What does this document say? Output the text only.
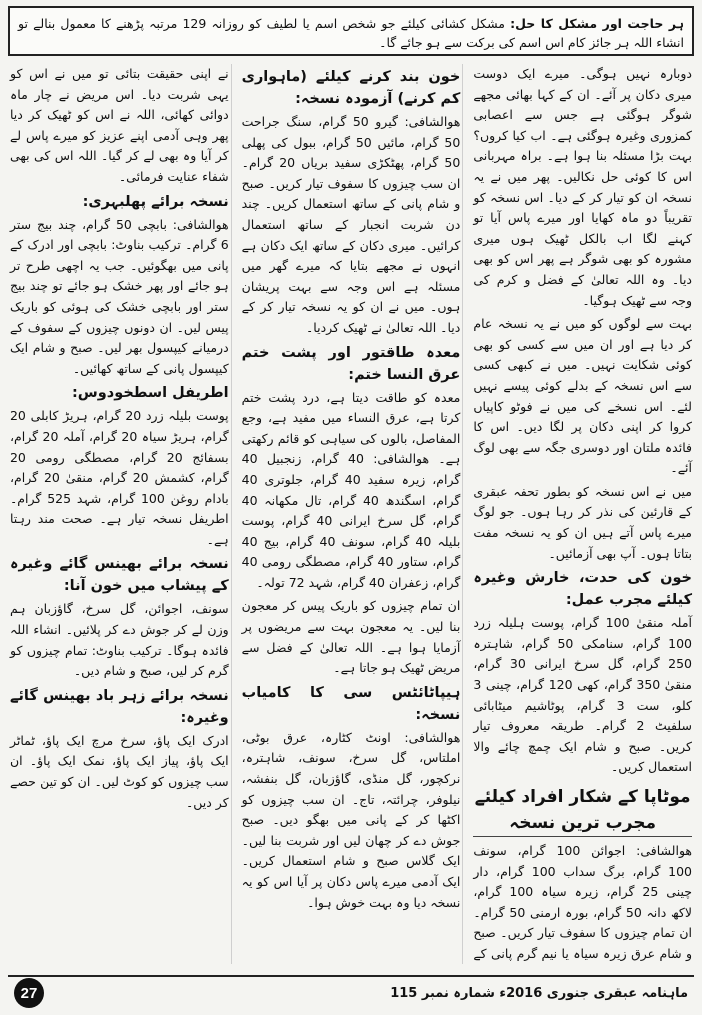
ہر حاجت اور مشکل کا حل: مشکل کشائی کیلئے جو شخص اسم یا لطیف کو روزانہ 129 مرتبہ پڑھنے کا معمول بنالے تو انشاء اللہ ہر جائز کام اس اسم کی برکت سے ہو جائے گا۔

دوبارہ نہیں ہوگی۔ میرے ایک دوست میری دکان پر آئے۔ ان کے کہا بھائی مجھے شوگر ہوگئی ہے جس سے اعصابی کمزوری وغیرہ ہوگئی ہے۔ اب کیا کروں؟ بہت بڑا مسئلہ بنا ہوا ہے۔ براہ مہربانی اس کا کوئی حل نکالیں۔ پھر میں نے یہ نسخہ ان کو تیار کر کے دیا۔ اس نسخہ کو تقریباً دو ماہ کھایا اور میرے پاس آیا تو کہنے لگا اب بالکل ٹھیک ہوں میری مشورہ کو بھی شوگر ہے پھر اس کو بھی دیا۔ وہ اللہ تعالیٰ کے فضل و کرم کی وجہ سے ٹھیک ہوگیا۔

بہت سے لوگوں کو میں نے یہ نسخہ عام کر دیا ہے اور ان میں سے کسی کو بھی کوئی شکایت نہیں۔ میں نے کبھی کسی سے اس نسخہ کے بدلے کوئی پیسے نہیں لئے۔ اس نسخے کی میں نے فوٹو کاپیاں کروا کر اپنی دکان پر لگا دیں۔ اس کا فائدہ ملتان اور دوسری جگہ سے بھی لوگ آئے۔

میں نے اس نسخہ کو بطور تحفہ عبقری کے قارئین کی نذر کر رہا ہوں۔ جو لوگ میرے پاس آتے ہیں ان کو یہ نسخہ مفت بتاتا ہوں۔ آپ بھی آزمائیں۔

خون کی حدت، خارش وغیرہ کیلئے مجرب عمل:

آملہ منقیٰ 100 گرام، پوست ہلیلہ زرد 100 گرام، سنامکی 50 گرام، شاہترہ 250 گرام، گل سرخ ایرانی 30 گرام، منقیٰ 350 گرام، کھی 120 گرام، چینی 3 کلو، ست 3 گرام، پوٹاشیم میٹابائی سلفیٹ 2 گرام۔ طریقہ معروف تیار کریں۔ صبح و شام ایک چمچ چائے والا استعمال کریں۔

موٹاپا کے شکار افراد کیلئے مجرب ترین نسخہ

ھوالشافی: اجوائن 100 گرام، سونف 100 گرام، برگ سداب 100 گرام، دار چینی 25 گرام، زیرہ سیاہ 100 گرام، لاکھ دانہ 50 گرام، بورہ ارمنی 50 گرام۔ ان تمام چیزوں کا سفوف تیار کریں۔ صبح و شام عرق زیرہ سیاہ یا نیم گرم پانی کے

خون بند کرنے کیلئے (ماہواری کم کرنے) آزمودہ نسخہ:

ھوالشافی: گیرو 50 گرام، سنگ جراحت 50 گرام، مائیں 50 گرام، ببول کی پھلی 50 گرام، پھٹکڑی سفید بریاں 20 گرام۔ ان سب چیزوں کا سفوف تیار کریں۔ صبح و شام پانی کے ساتھ استعمال کریں۔ چند دن شربت انجبار کے ساتھ استعمال کرائیں۔ میری دکان کے ساتھ ایک دکان ہے انہوں نے مجھے بتایا کہ میرے گھر میں مسئلہ ہے اس وجہ سے بہت پریشان ہوں۔ میں نے ان کو یہ نسخہ تیار کر کے دیا۔ اللہ تعالیٰ نے ٹھیک کردیا۔

معدہ طاقتور اور پشت ختم عرق النسا ختم:

معدہ کو طاقت دیتا ہے، درد پشت ختم کرتا ہے، عرق النساء میں مفید ہے، وجع المفاصل، بالوں کی سیاہی کو قائم رکھتی ہے۔ ھوالشافی: 40 گرام، زنجبیل 40 گرام، زیرہ سفید 40 گرام، جلوتری 40 گرام، اسگندھ 40 گرام، تال مکھانہ 40 گرام، گل سرخ ایرانی 40 گرام، پوست بلیلہ 40 گرام، سونف 40 گرام، بیج 40 گرام، ستاور 40 گرام، مصطگی رومی 40 گرام، زعفران 40 گرام، شہد 72 تولہ۔

ان تمام چیزوں کو باریک پیس کر معجون بنا لیں۔ یہ معجون بہت سے مریضوں پر آزمایا ہوا ہے۔ اللہ تعالیٰ کے فضل سے مریض ٹھیک ہو جاتا ہے۔

ہیپاٹائٹس سی کا کامیاب نسخہ:

ھوالشافی: اونٹ کٹارہ، عرق بوٹی، املتاس، گل سرخ، سونف، شاہترہ، نرکچور، گل منڈی، گاؤزبان، گل بنفشہ، نیلوفر، چرائتہ، تاج۔ ان سب چیزوں کو اکٹھا کر کے پانی میں بھگو دیں۔ صبح جوش دے کر چھان لیں اور شربت بنا لیں۔ ایک گلاس صبح و شام استعمال کریں۔ ایک آدمی میرے پاس دکان پر آیا اس کو یہ نسخہ دیا وہ بہت خوش ہوا۔

نے اپنی حقیقت بتائی تو میں نے اس کو یہی شربت دیا۔ اس مریض نے چار ماہ دوائی کھائی، اللہ نے اس کو ٹھیک کر دیا پھر وہی آدمی اپنے عزیز کو میرے پاس لے کر آیا وہ بھی لے کر گیا۔ اللہ اس کی بھی شفاء عنایت فرمائی۔

نسخہ برائے پھلبہری:

ھوالشافی: بابچی 50 گرام، چند بیج ستر 6 گرام۔ ترکیب بناوٹ: بابچی اور ادرک کے پانی میں بھگوئیں۔ جب یہ اچھی طرح تر ہو جائے اور پھر خشک ہو جائے تو چند بیج ستر اور بابچی خشک کی ہوئی کو باریک پیس لیں۔ ان دونوں چیزوں کے سفوف کے درمیانے کیپسول بھر لیں۔ صبح و شام ایک کیپسول پانی کے ساتھ کھائیں۔

اطریفل اسطخودوس:

پوست بلیلہ زرد 20 گرام، ہریڑ کابلی 20 گرام، ہریڑ سیاہ 20 گرام، آملہ 20 گرام، بسفائج 20 گرام، مصطگی رومی 20 گرام، کشمش 20 گرام، منقیٰ 20 گرام، بادام روغن 100 گرام، شہد 525 گرام۔ اطریفل نسخہ تیار ہے۔ صحت مند رہتا ہے۔

نسخہ برائے بھینس گائے وغیرہ کے پیشاب میں خون آنا:

سونف، اجوائن، گل سرخ، گاؤزبان ہم وزن لے کر جوش دے کر پلائیں۔ انشاء اللہ فائدہ ہوگا۔ ترکیب بناوٹ: تمام چیزوں کو گرم کر لیں، صبح و شام دیں۔

نسخہ برائے زہر باد بھینس گائے وغیرہ:

ادرک ایک پاؤ، سرخ مرچ ایک پاؤ، ٹماٹر ایک پاؤ، پیاز ایک پاؤ، نمک ایک پاؤ۔ ان سب چیزوں کو کوٹ لیں۔ ان کو تین حصے کر دیں۔

ماہنامہ عبقری جنوری 2016ء شمارہ نمبر 115
27
